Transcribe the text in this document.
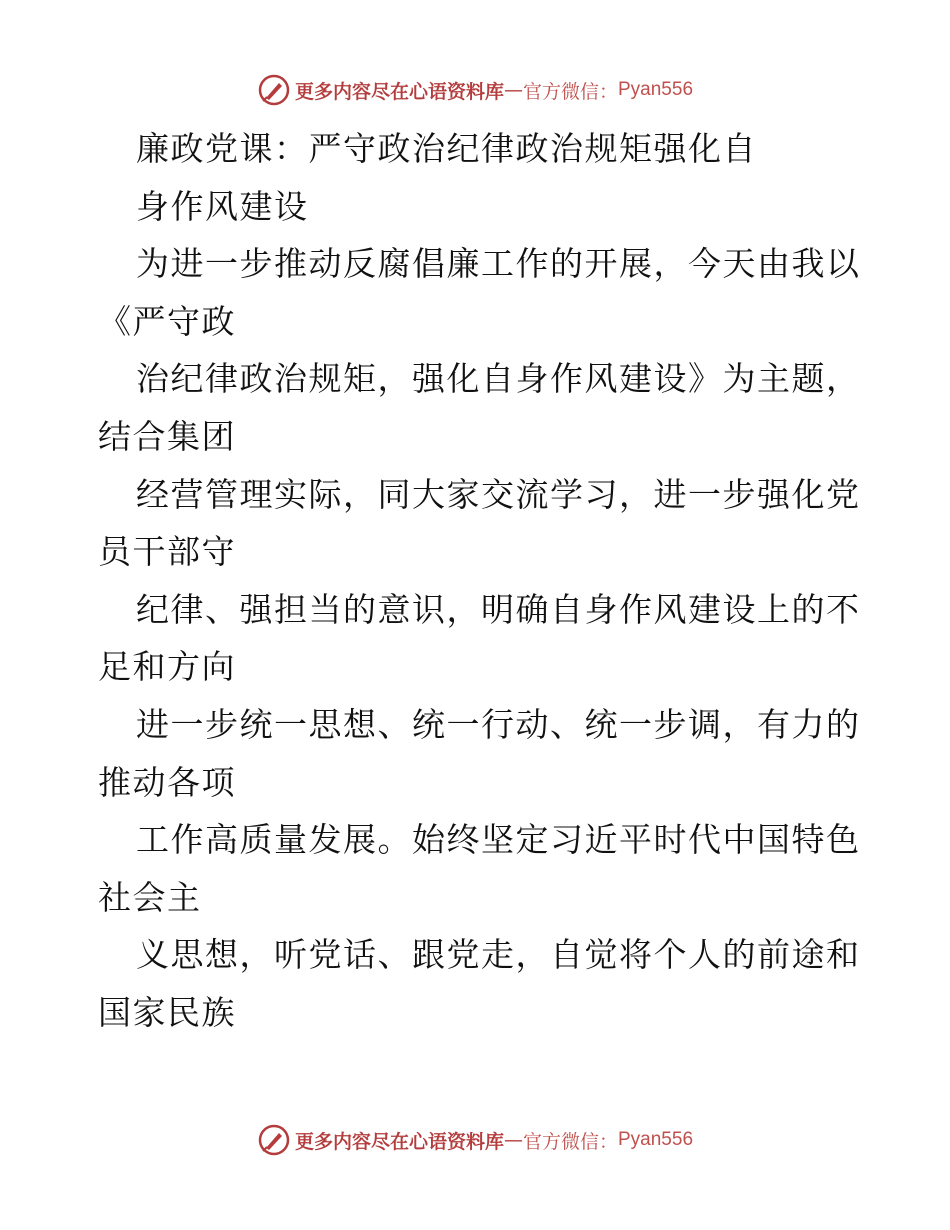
更多内容尽在心语资料库 — 官方微信： Pyan556
廉政党课：严守政治纪律政治规矩强化自
身作风建设
为进一步推动反腐倡廉工作的开展，今天由我以
《严守政
治纪律政治规矩，强化自身作风建设》为主题，
结合集团
经营管理实际，同大家交流学习，进一步强化党
员干部守
纪律、强担当的意识，明确自身作风建设上的不
足和方向
进一步统一思想、统一行动、统一步调，有力的
推动各项
工作高质量发展。始终坚定习近平时代中国特色
社会主
义思想，听党话、跟党走，自觉将个人的前途和
国家民族
更多内容尽在心语资料库 — 官方微信： Pyan556
